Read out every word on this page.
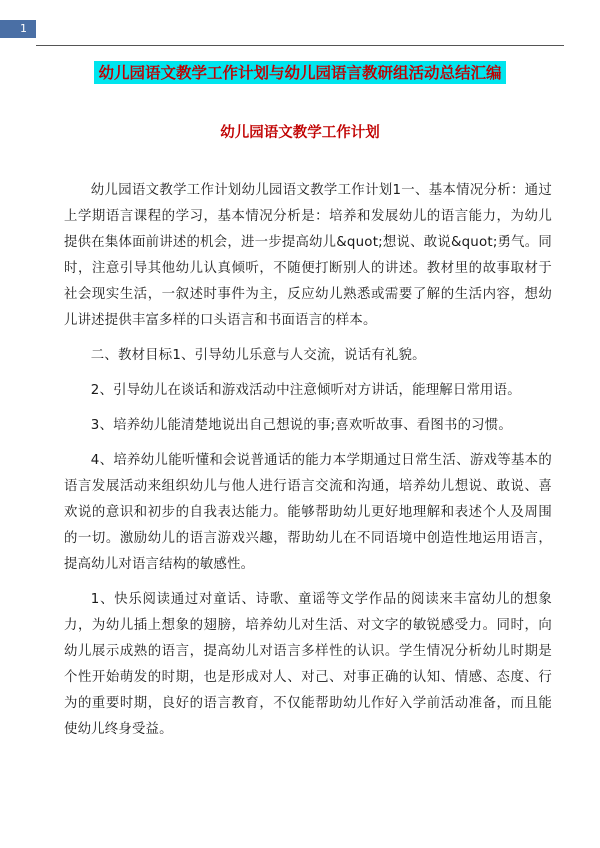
1
幼儿园语文教学工作计划与幼儿园语言教研组活动总结汇编
幼儿园语文教学工作计划

幼儿园语文教学工作计划幼儿园语文教学工作计划1一、基本情况分析：通过上学期语言课程的学习，基本情况分析是：培养和发展幼儿的语言能力，为幼儿提供在集体面前讲述的机会，进一步提高幼儿&quot;想说、敢说&quot;勇气。同时，注意引导其他幼儿认真倾听，不随便打断别人的讲述。教材里的故事取材于社会现实生活，一叙述时事件为主，反应幼儿熟悉或需要了解的生活内容，想幼儿讲述提供丰富多样的口头语言和书面语言的样本。

二、教材目标1、引导幼儿乐意与人交流，说话有礼貌。

2、引导幼儿在谈话和游戏活动中注意倾听对方讲话，能理解日常用语。

3、培养幼儿能清楚地说出自己想说的事;喜欢听故事、看图书的习惯。

4、培养幼儿能听懂和会说普通话的能力本学期通过日常生活、游戏等基本的语言发展活动来组织幼儿与他人进行语言交流和沟通，培养幼儿想说、敢说、喜欢说的意识和初步的自我表达能力。能够帮助幼儿更好地理解和表述个人及周围的一切。激励幼儿的语言游戏兴趣，帮助幼儿在不同语境中创造性地运用语言，提高幼儿对语言结构的敏感性。

1、快乐阅读通过对童话、诗歌、童谣等文学作品的阅读来丰富幼儿的想象力，为幼儿插上想象的翅膀，培养幼儿对生活、对文字的敏锐感受力。同时，向幼儿展示成熟的语言，提高幼儿对语言多样性的认识。学生情况分析幼儿时期是个性开始萌发的时期，也是形成对人、对己、对事正确的认知、情感、态度、行为的重要时期，良好的语言教育，不仅能帮助幼儿作好入学前活动准备，而且能使幼儿终身受益。
